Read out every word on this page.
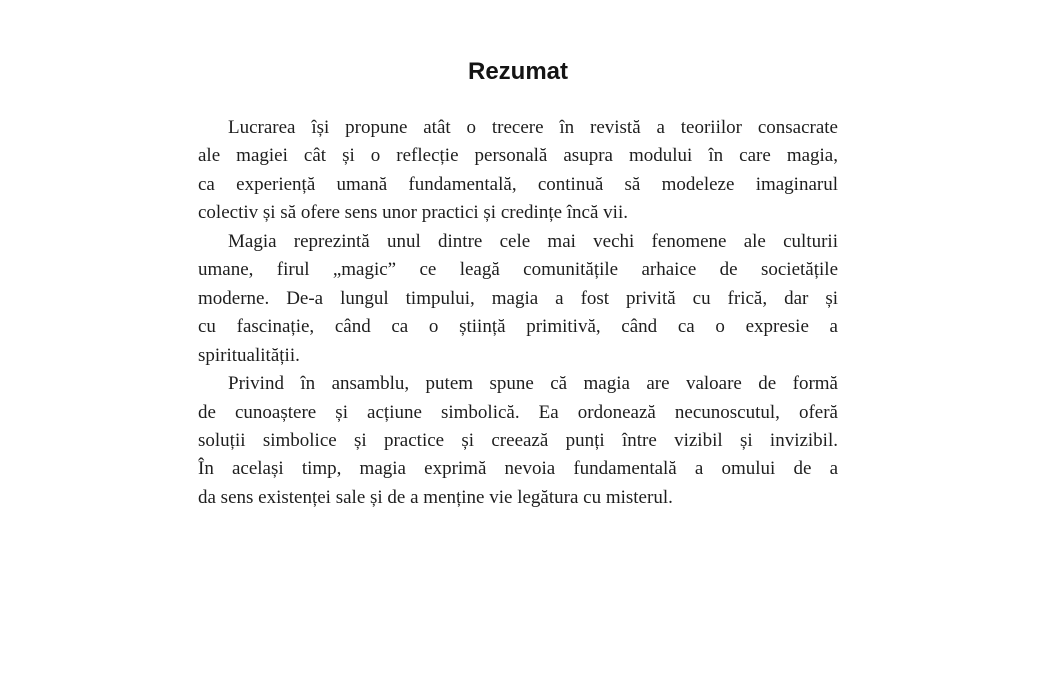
Rezumat
Lucrarea își propune atât o trecere în revistă a teoriilor consacrate
ale magiei cât și o reflecție personală asupra modului în care magia,
ca experiență umană fundamentală, continuă să modeleze imaginarul
colectiv și să ofere sens unor practici și credințe încă vii.
Magia reprezintă unul dintre cele mai vechi fenomene ale culturii
umane, firul „magic” ce leagă comunitățile arhaice de societățile
moderne. De-a lungul timpului, magia a fost privită cu frică, dar și
cu fascinație, când ca o știință primitivă, când ca o expresie a
spiritualității.
Privind în ansamblu, putem spune că magia are valoare de formă
de cunoaștere și acțiune simbolică. Ea ordonează necunoscutul, oferă
soluții simbolice și practice și creează punți între vizibil și invizibil.
În același timp, magia exprimă nevoia fundamentală a omului de a
da sens existenței sale și de a menține vie legătura cu misterul.
